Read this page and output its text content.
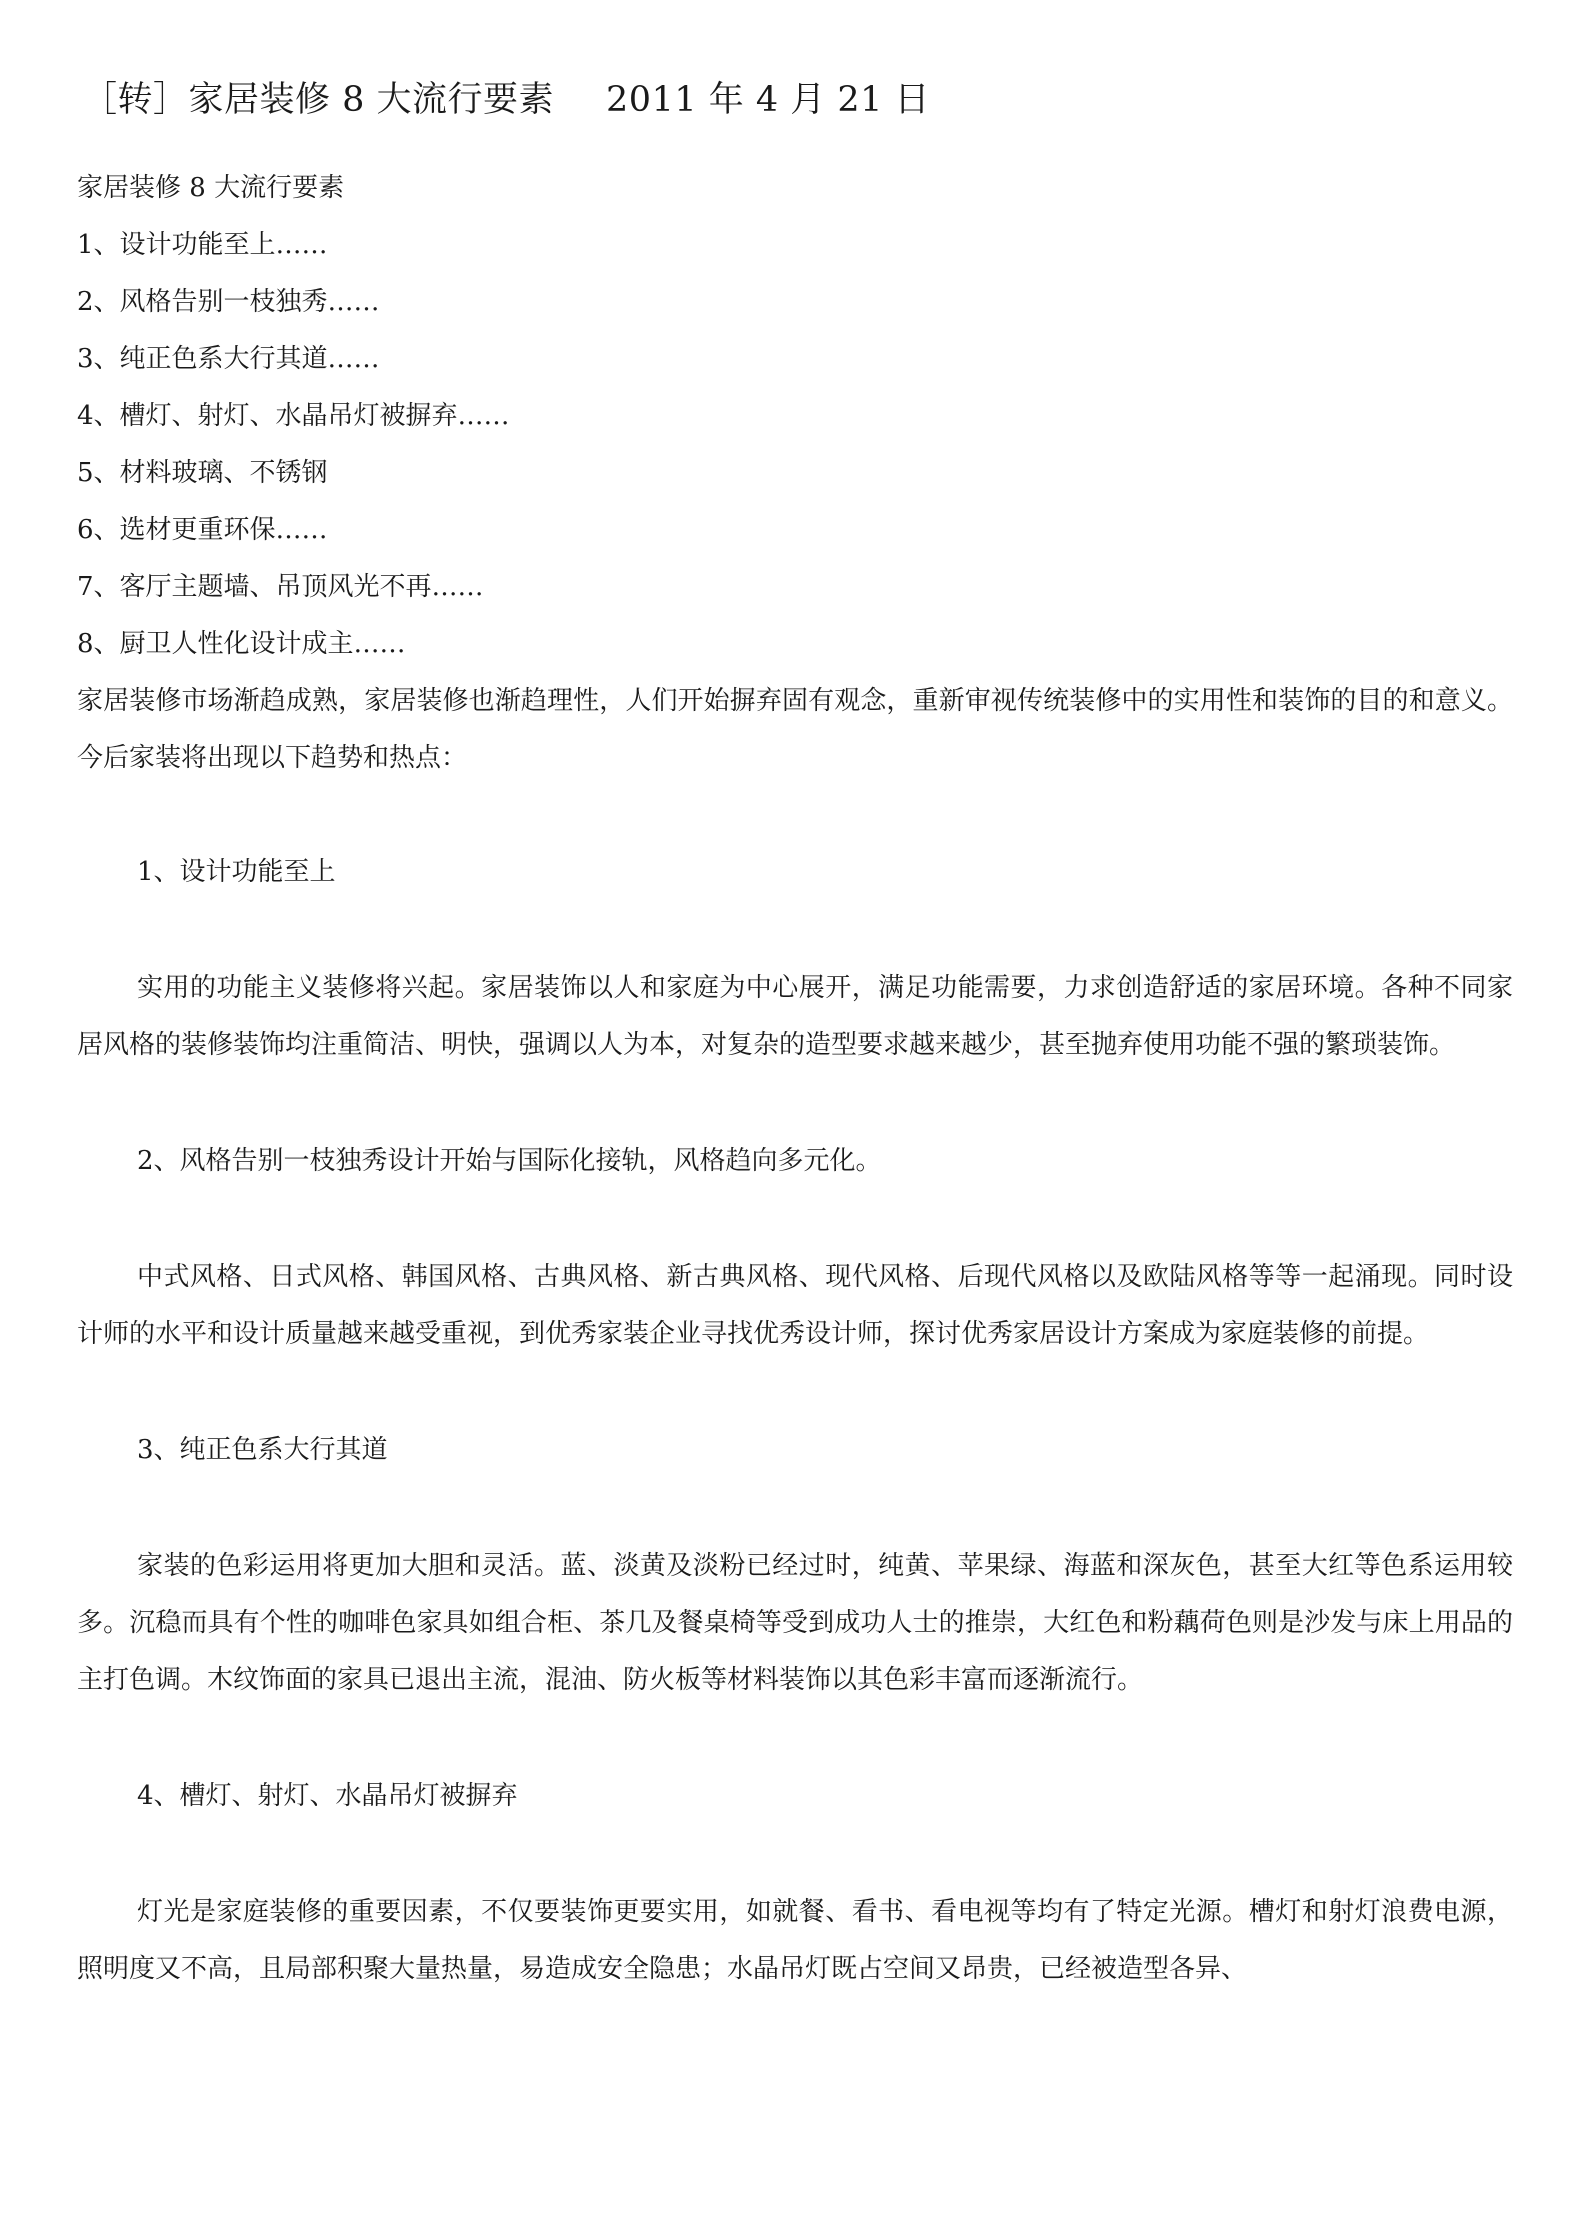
［转］家居装修 8 大流行要素 2011 年 4 月 21 日
家居装修 8 大流行要素
1、设计功能至上……
2、风格告别一枝独秀……
3、纯正色系大行其道……
4、槽灯、射灯、水晶吊灯被摒弃……
5、材料玻璃、不锈钢
6、选材更重环保……
7、客厅主题墙、吊顶风光不再……
8、厨卫人性化设计成主……
家居装修市场渐趋成熟，家居装修也渐趋理性，人们开始摒弃固有观念，重新审视传统装修中的实用性和装饰的目的和意义。今后家装将出现以下趋势和热点：
1、设计功能至上
实用的功能主义装修将兴起。家居装饰以人和家庭为中心展开，满足功能需要，力求创造舒适的家居环境。各种不同家居风格的装修装饰均注重简洁、明快，强调以人为本，对复杂的造型要求越来越少，甚至抛弃使用功能不强的繁琐装饰。
2、风格告别一枝独秀设计开始与国际化接轨，风格趋向多元化。
中式风格、日式风格、韩国风格、古典风格、新古典风格、现代风格、后现代风格以及欧陆风格等等一起涌现。同时设计师的水平和设计质量越来越受重视，到优秀家装企业寻找优秀设计师，探讨优秀家居设计方案成为家庭装修的前提。
3、纯正色系大行其道
家装的色彩运用将更加大胆和灵活。蓝、淡黄及淡粉已经过时，纯黄、苹果绿、海蓝和深灰色，甚至大红等色系运用较多。沉稳而具有个性的咖啡色家具如组合柜、茶几及餐桌椅等受到成功人士的推崇，大红色和粉藕荷色则是沙发与床上用品的主打色调。木纹饰面的家具已退出主流，混油、防火板等材料装饰以其色彩丰富而逐渐流行。
4、槽灯、射灯、水晶吊灯被摒弃
灯光是家庭装修的重要因素，不仅要装饰更要实用，如就餐、看书、看电视等均有了特定光源。槽灯和射灯浪费电源，照明度又不高，且局部积聚大量热量，易造成安全隐患；水晶吊灯既占空间又昂贵，已经被造型各异、
